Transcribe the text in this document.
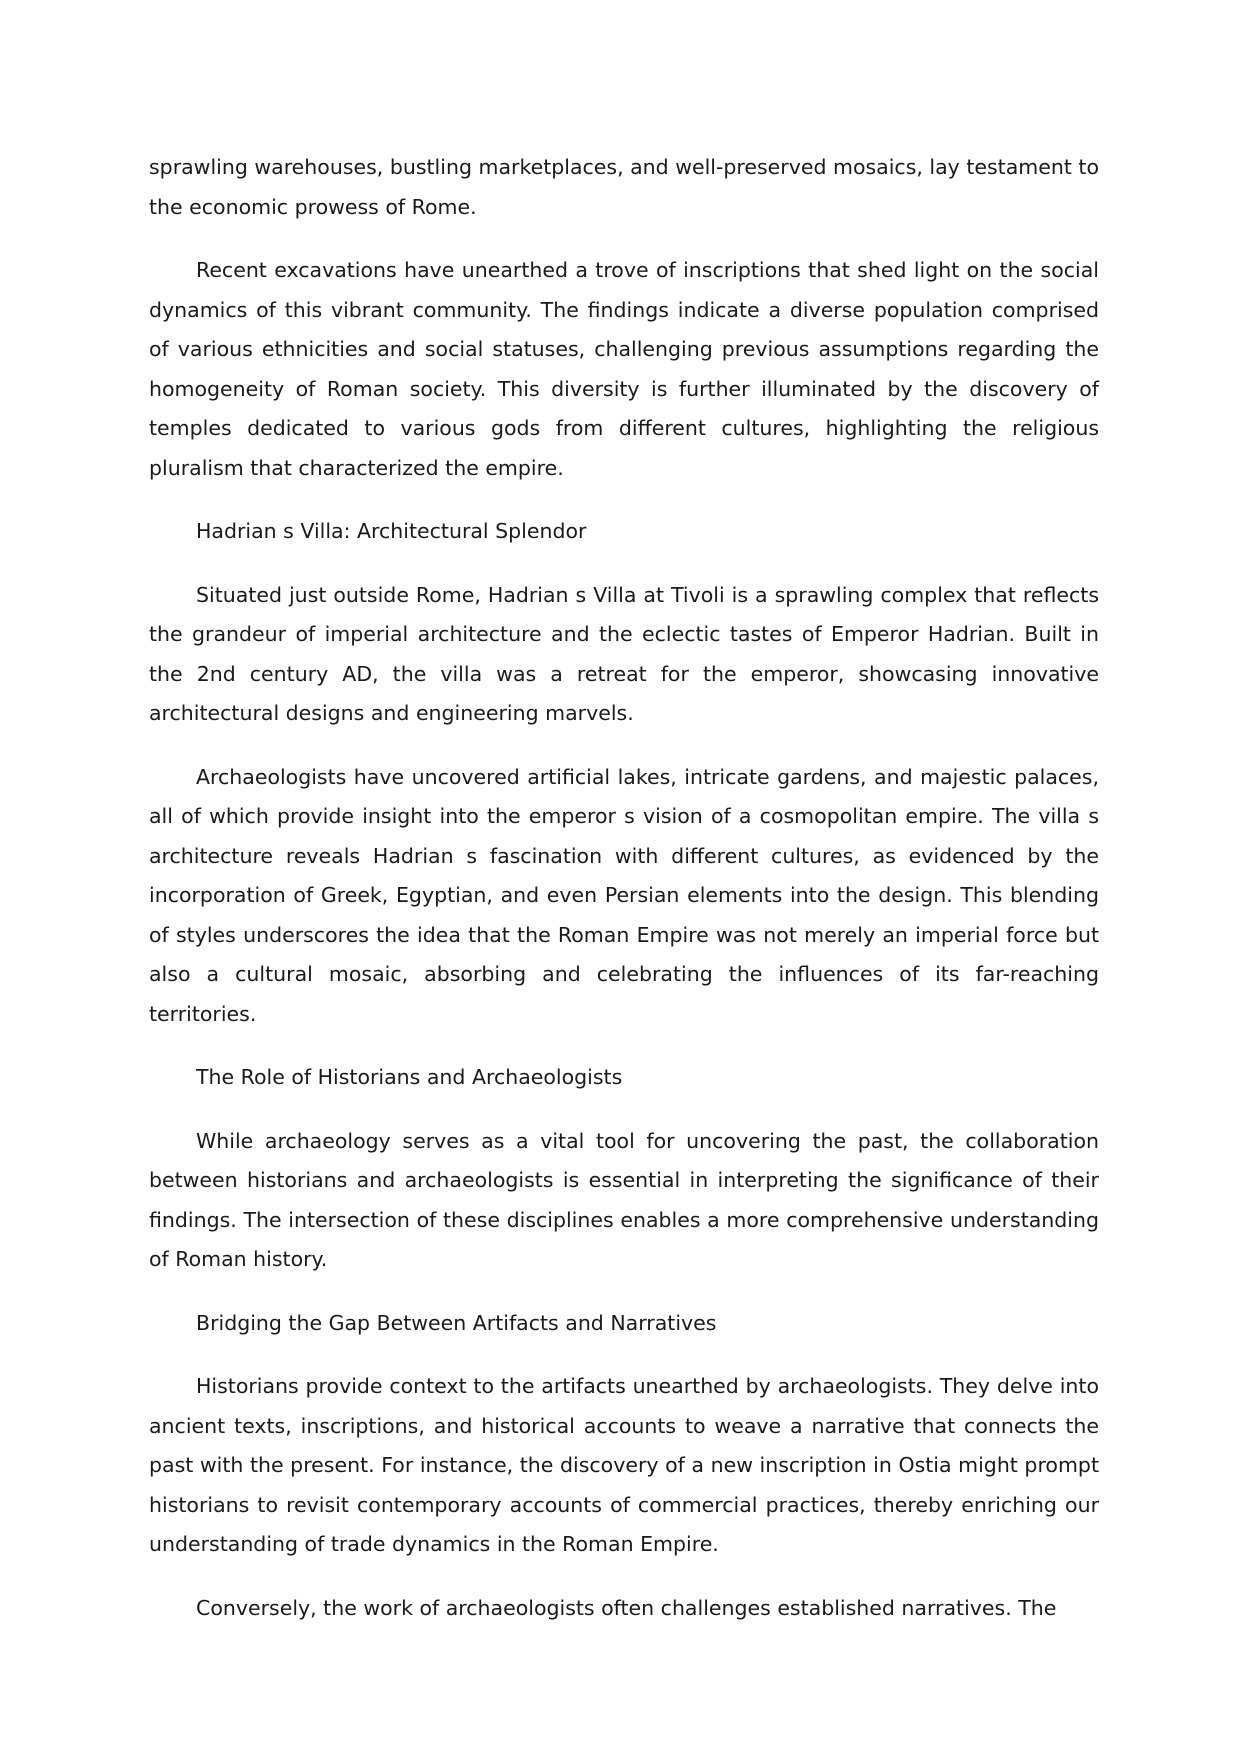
sprawling warehouses, bustling marketplaces, and well-preserved mosaics, lay testament to the economic prowess of Rome.

Recent excavations have unearthed a trove of inscriptions that shed light on the social dynamics of this vibrant community. The findings indicate a diverse population comprised of various ethnicities and social statuses, challenging previous assumptions regarding the homogeneity of Roman society. This diversity is further illuminated by the discovery of temples dedicated to various gods from different cultures, highlighting the religious pluralism that characterized the empire.

Hadrian s Villa: Architectural Splendor

Situated just outside Rome, Hadrian s Villa at Tivoli is a sprawling complex that reflects the grandeur of imperial architecture and the eclectic tastes of Emperor Hadrian. Built in the 2nd century AD, the villa was a retreat for the emperor, showcasing innovative architectural designs and engineering marvels.

Archaeologists have uncovered artificial lakes, intricate gardens, and majestic palaces, all of which provide insight into the emperor s vision of a cosmopolitan empire. The villa s architecture reveals Hadrian s fascination with different cultures, as evidenced by the incorporation of Greek, Egyptian, and even Persian elements into the design. This blending of styles underscores the idea that the Roman Empire was not merely an imperial force but also a cultural mosaic, absorbing and celebrating the influences of its far-reaching territories.

The Role of Historians and Archaeologists

While archaeology serves as a vital tool for uncovering the past, the collaboration between historians and archaeologists is essential in interpreting the significance of their findings. The intersection of these disciplines enables a more comprehensive understanding of Roman history.

Bridging the Gap Between Artifacts and Narratives

Historians provide context to the artifacts unearthed by archaeologists. They delve into ancient texts, inscriptions, and historical accounts to weave a narrative that connects the past with the present. For instance, the discovery of a new inscription in Ostia might prompt historians to revisit contemporary accounts of commercial practices, thereby enriching our understanding of trade dynamics in the Roman Empire.

Conversely, the work of archaeologists often challenges established narratives. The
